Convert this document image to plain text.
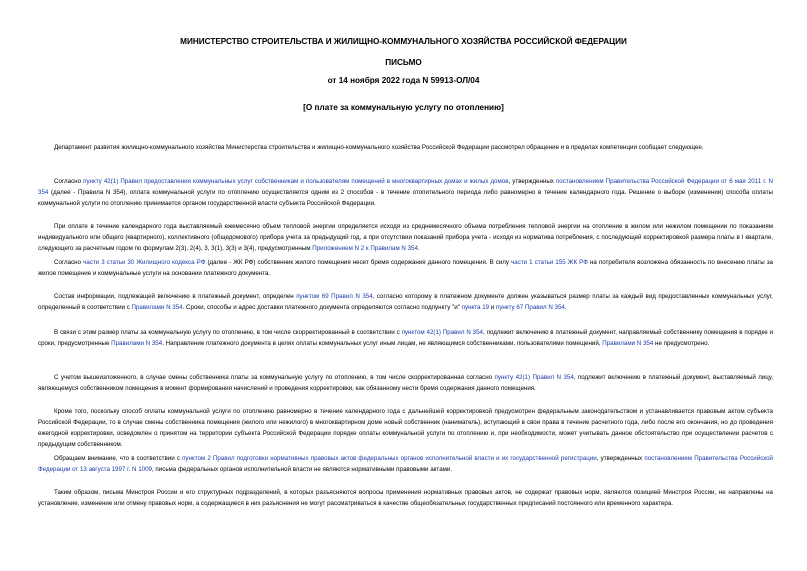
МИНИСТЕРСТВО СТРОИТЕЛЬСТВА И ЖИЛИЩНО-КОММУНАЛЬНОГО ХОЗЯЙСТВА РОССИЙСКОЙ ФЕДЕРАЦИИ
ПИСЬМО
от 14 ноября 2022 года N 59913-ОЛ/04
[О плате за коммунальную услугу по отоплению]
Департамент развития жилищно-коммунального хозяйства Министерства строительства и жилищно-коммунального хозяйства Российской Федерации рассмотрел обращение и в пределах компетенции сообщает следующее.
Согласно пункту 42(1) Правил предоставления коммунальных услуг собственникам и пользователям помещений в многоквартирных домах и жилых домов, утвержденных постановлением Правительства Российской Федерации от 6 мая 2011 г. N 354 (далее - Правила N 354), оплата коммунальной услуги по отоплению осуществляется одним из 2 способов - в течение отопительного периода либо равномерно в течение календарного года. Решение о выборе (изменении) способа оплаты коммунальной услуги по отоплению принимается органом государственной власти субъекта Российской Федерации.
При оплате в течение календарного года выставляемый ежемесячно объем тепловой энергии определяется исходя из среднемесячного объема потребления тепловой энергии на отопление в жилом или нежилом помещении по показаниям индивидуального или общего (квартирного), коллективного (общедомового) прибора учета за предыдущий год, а при отсутствии показаний прибора учета - исходя из норматива потребления, с последующей корректировкой размера платы в I квартале, следующего за расчетным годом по формулам 2(3), 2(4), 3, 3(1), 3(3) и 3(4), предусмотренным Приложением N 2 к Правилам N 354.
Согласно части 3 статьи 30 Жилищного кодекса РФ (далее - ЖК РФ) собственник жилого помещения несет бремя содержания данного помещения. В силу части 1 статьи 155 ЖК РФ на потребителя возложена обязанность по внесению платы за жилое помещение и коммунальные услуги на основании платежного документа.
Состав информации, подлежащей включению в платежный документ, определен пунктом 69 Правил N 354, согласно которому в платежном документе должен указываться размер платы за каждый вид предоставленных коммунальных услуг, определенный в соответствии с Правилами N 354. Сроки, способы и адрес доставки платежного документа определяются согласно подпункту "и" пункта 19 и пункту 67 Правил N 354.
В связи с этим размер платы за коммунальную услугу по отоплению, в том числе скорректированный в соответствии с пунктом 42(1) Правил N 354, подлежит включению в платежный документ, направляемый собственнику помещения в порядке и сроки, предусмотренные Правилами N 354. Направление платежного документа в целях оплаты коммунальных услуг иным лицам, не являющимся собственниками, пользователями помещений, Правилами N 354 не предусмотрено.
С учетом вышеизложенного, в случае смены собственника платы за коммунальную услугу по отоплению, в том числе скорректированная согласно пункту 42(1) Правил N 354, подлежит включению в платежный документ, выставляемый лицу, являющемуся собственником помещения в момент формирования начислений и проведения корректировки, как обязанному нести бремя содержания данного помещения.
Кроме того, поскольку способ оплаты коммунальной услуги по отоплению равномерно в течение календарного года с дальнейшей корректировкой предусмотрен федеральным законодательством и устанавливается правовым актом субъекта Российской Федерации, то в случае смены собственника помещения (жилого или нежилого) в многоквартирном доме новый собственник (наниматель), вступающий в свои права в течение расчетного года, либо после его окончания, но до проведения ежегодной корректировки, осведомлен о принятом на территории субъекта Российской Федерации порядке оплаты коммунальной услуги по отоплению и, при необходимости, может учитывать данное обстоятельство при осуществлении расчетов с предыдущим собственником.
Обращаем внимание, что в соответствии с пунктом 2 Правил подготовки нормативных правовых актов федеральных органов исполнительной власти и их государственной регистрации, утвержденных постановлением Правительства Российской Федерации от 13 августа 1997 г. N 1009, письма федеральных органов исполнительной власти не являются нормативными правовыми актами.
Таким образом, письма Минстроя России и его структурных подразделений, в которых разъясняются вопросы применения нормативных правовых актов, не содержат правовых норм, являются позицией Минстроя России, не направлены на установление, изменение или отмену правовых норм, а содержащиеся в них разъяснения не могут рассматриваться в качестве общеобязательных государственных предписаний постоянного или временного характера.
